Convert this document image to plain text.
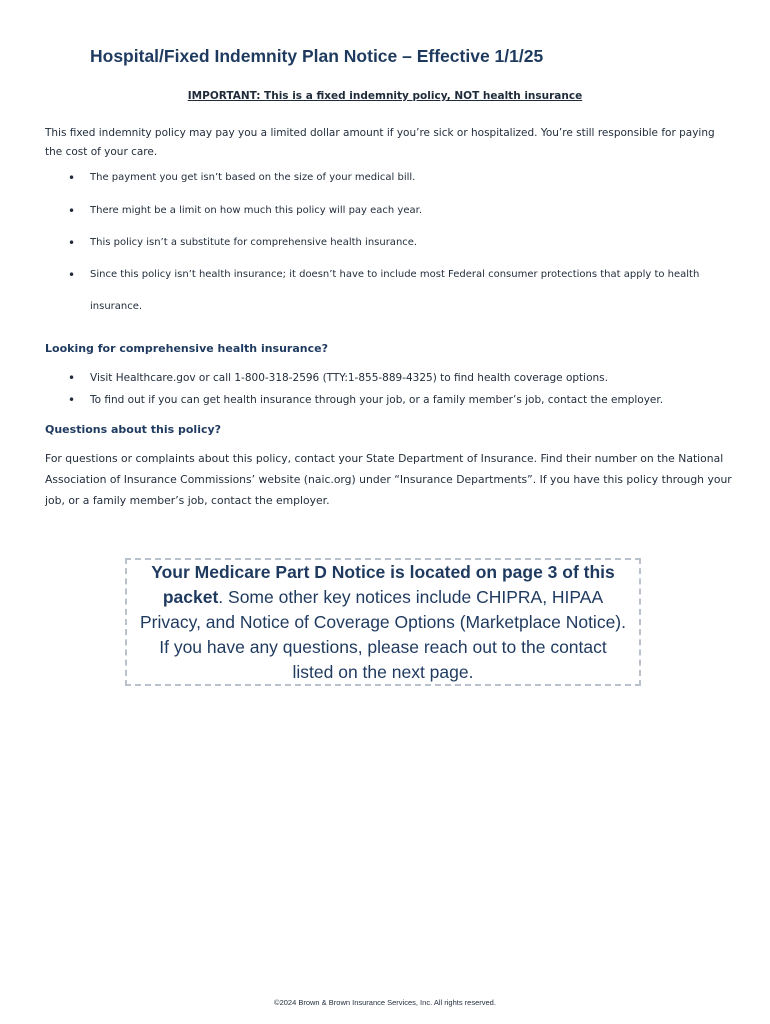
Hospital/Fixed Indemnity Plan Notice – Effective 1/1/25
IMPORTANT: This is a fixed indemnity policy, NOT health insurance

This fixed indemnity policy may pay you a limited dollar amount if you’re sick or hospitalized. You’re still responsible for paying the cost of your care.

• The payment you get isn’t based on the size of your medical bill.
• There might be a limit on how much this policy will pay each year.
• This policy isn’t a substitute for comprehensive health insurance.
• Since this policy isn’t health insurance; it doesn’t have to include most Federal consumer protections that apply to health
insurance.
Looking for comprehensive health insurance?
• Visit Healthcare.gov or call 1-800-318-2596 (TTY:1-855-889-4325) to find health coverage options.
• To find out if you can get health insurance through your job, or a family member’s job, contact the employer.
Questions about this policy?

For questions or complaints about this policy, contact your State Department of Insurance. Find their number on the National Association of Insurance Commissions’ website (naic.org) under “Insurance Departments”. If you have this policy through your job, or a family member’s job, contact the employer.

Your Medicare Part D Notice is located on page 3 of this packet. Some other key notices include CHIPRA, HIPAA Privacy, and Notice of Coverage Options (Marketplace Notice). If you have any questions, please reach out to the contact listed on the next page.

©2024 Brown & Brown Insurance Services, Inc. All rights reserved.
